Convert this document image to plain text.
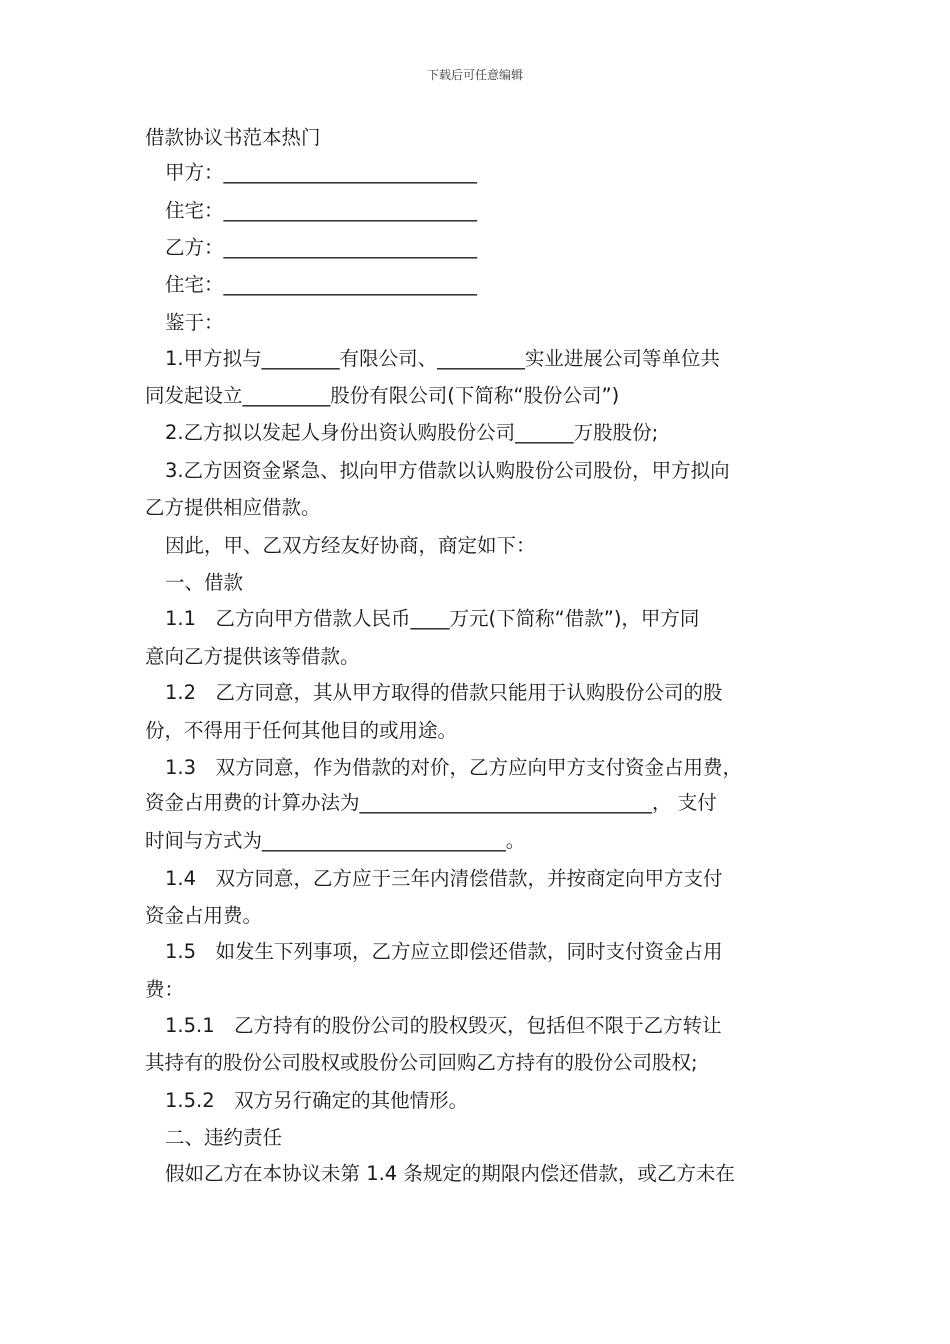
下载后可任意编辑
借款协议书范本热门
甲方：__________________________
住宅：__________________________
乙方：__________________________
住宅：__________________________
鉴于：
1.甲方拟与________有限公司、_________实业进展公司等单位共
同发起设立_________股份有限公司(下简称“股份公司”)
2.乙方拟以发起人身份出资认购股份公司______万股股份;
3.乙方因资金紧急、拟向甲方借款以认购股份公司股份，甲方拟向
乙方提供相应借款。
因此，甲、乙双方经友好协商，商定如下：
一、借款
1.1　乙方向甲方借款人民币____万元(下简称“借款”)，甲方同
意向乙方提供该等借款。
1.2　乙方同意，其从甲方取得的借款只能用于认购股份公司的股
份，不得用于任何其他目的或用途。
1.3　双方同意，作为借款的对价，乙方应向甲方支付资金占用费，
资金占用费的计算办法为______________________________， 支付
时间与方式为_________________________。
1.4　双方同意，乙方应于三年内清偿借款，并按商定向甲方支付
资金占用费。
1.5　如发生下列事项，乙方应立即偿还借款，同时支付资金占用
费：
1.5.1　乙方持有的股份公司的股权毁灭，包括但不限于乙方转让
其持有的股份公司股权或股份公司回购乙方持有的股份公司股权;
1.5.2　双方另行确定的其他情形。
二、违约责任
假如乙方在本协议未第 1.4 条规定的期限内偿还借款，或乙方未在
